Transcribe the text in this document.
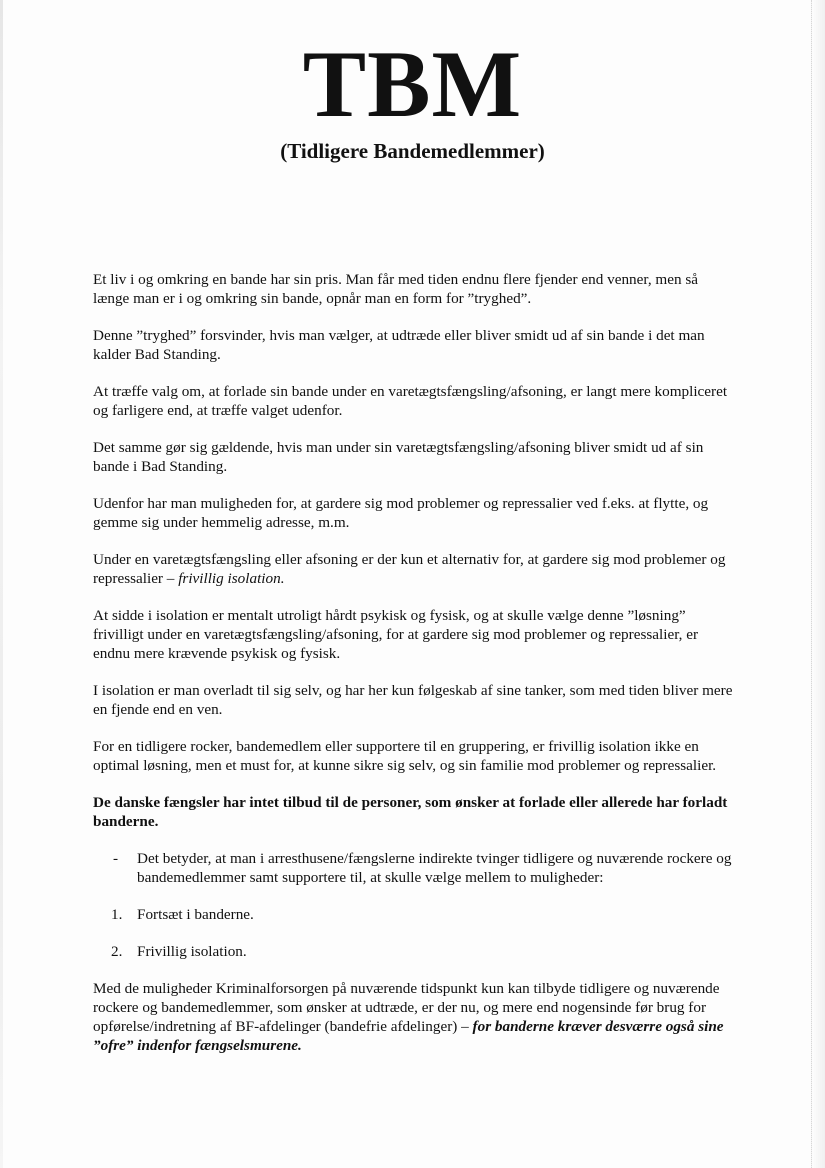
TBM
(Tidligere Bandemedlemmer)

Et liv i og omkring en bande har sin pris. Man får med tiden endnu flere fjender end venner, men så længe man er i og omkring sin bande, opnår man en form for ”tryghed”.

Denne ”tryghed” forsvinder, hvis man vælger, at udtræde eller bliver smidt ud af sin bande i det man kalder Bad Standing.

At træffe valg om, at forlade sin bande under en varetægtsfængsling/afsoning, er langt mere kompliceret og farligere end, at træffe valget udenfor.

Det samme gør sig gældende, hvis man under sin varetægtsfængsling/afsoning bliver smidt ud af sin bande i Bad Standing.

Udenfor har man muligheden for, at gardere sig mod problemer og repressalier ved f.eks. at flytte, og gemme sig under hemmelig adresse, m.m.

Under en varetægtsfængsling eller afsoning er der kun et alternativ for, at gardere sig mod problemer og repressalier – frivillig isolation.

At sidde i isolation er mentalt utroligt hårdt psykisk og fysisk, og at skulle vælge denne ”løsning” frivilligt under en varetægtsfængsling/afsoning, for at gardere sig mod problemer og repressalier, er endnu mere krævende psykisk og fysisk.

I isolation er man overladt til sig selv, og har her kun følgeskab af sine tanker, som med tiden bliver mere en fjende end en ven.

For en tidligere rocker, bandemedlem eller supportere til en gruppering, er frivillig isolation ikke en optimal løsning, men et must for, at kunne sikre sig selv, og sin familie mod problemer og repressalier.

De danske fængsler har intet tilbud til de personer, som ønsker at forlade eller allerede har forladt banderne.

- Det betyder, at man i arresthusene/fængslerne indirekte tvinger tidligere og nuværende rockere og bandemedlemmer samt supportere til, at skulle vælge mellem to muligheder:
1. Fortsæt i banderne.
2. Frivillig isolation.

Med de muligheder Kriminalforsorgen på nuværende tidspunkt kun kan tilbyde tidligere og nuværende rockere og bandemedlemmer, som ønsker at udtræde, er der nu, og mere end nogensinde før brug for opførelse/indretning af BF-afdelinger (bandefrie afdelinger) – for banderne kræver desværre også sine ”ofre” indenfor fængselsmurene.
